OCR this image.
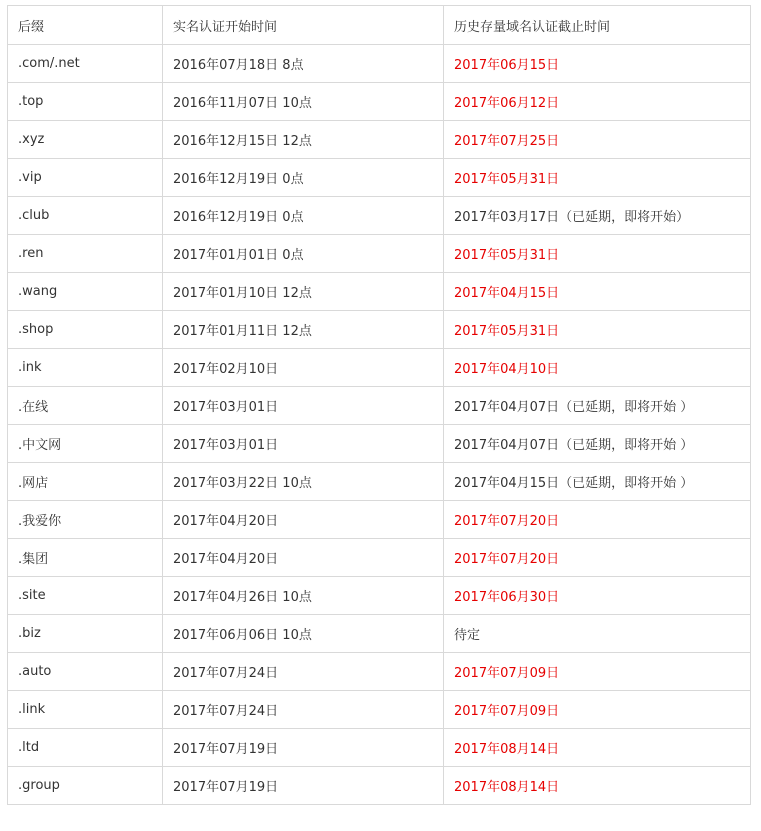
后缀	实名认证开始时间	历史存量域名认证截止时间
.com/.net	2016年07月18日 8点	2017年06月15日
.top	2016年11月07日 10点	2017年06月12日
.xyz	2016年12月15日 12点	2017年07月25日
.vip	2016年12月19日 0点	2017年05月31日
.club	2016年12月19日 0点	2017年03月17日（已延期，即将开始）
.ren	2017年01月01日 0点	2017年05月31日
.wang	2017年01月10日 12点	2017年04月15日
.shop	2017年01月11日 12点	2017年05月31日
.ink	2017年02月10日	2017年04月10日
.在线	2017年03月01日	2017年04月07日（已延期，即将开始 ）
.中文网	2017年03月01日	2017年04月07日（已延期，即将开始 ）
.网店	2017年03月22日 10点	2017年04月15日（已延期，即将开始 ）
.我爱你	2017年04月20日	2017年07月20日
.集团	2017年04月20日	2017年07月20日
.site	2017年04月26日 10点	2017年06月30日
.biz	2017年06月06日 10点	待定
.auto	2017年07月24日	2017年07月09日
.link	2017年07月24日	2017年07月09日
.ltd	2017年07月19日	2017年08月14日
.group	2017年07月19日	2017年08月14日
